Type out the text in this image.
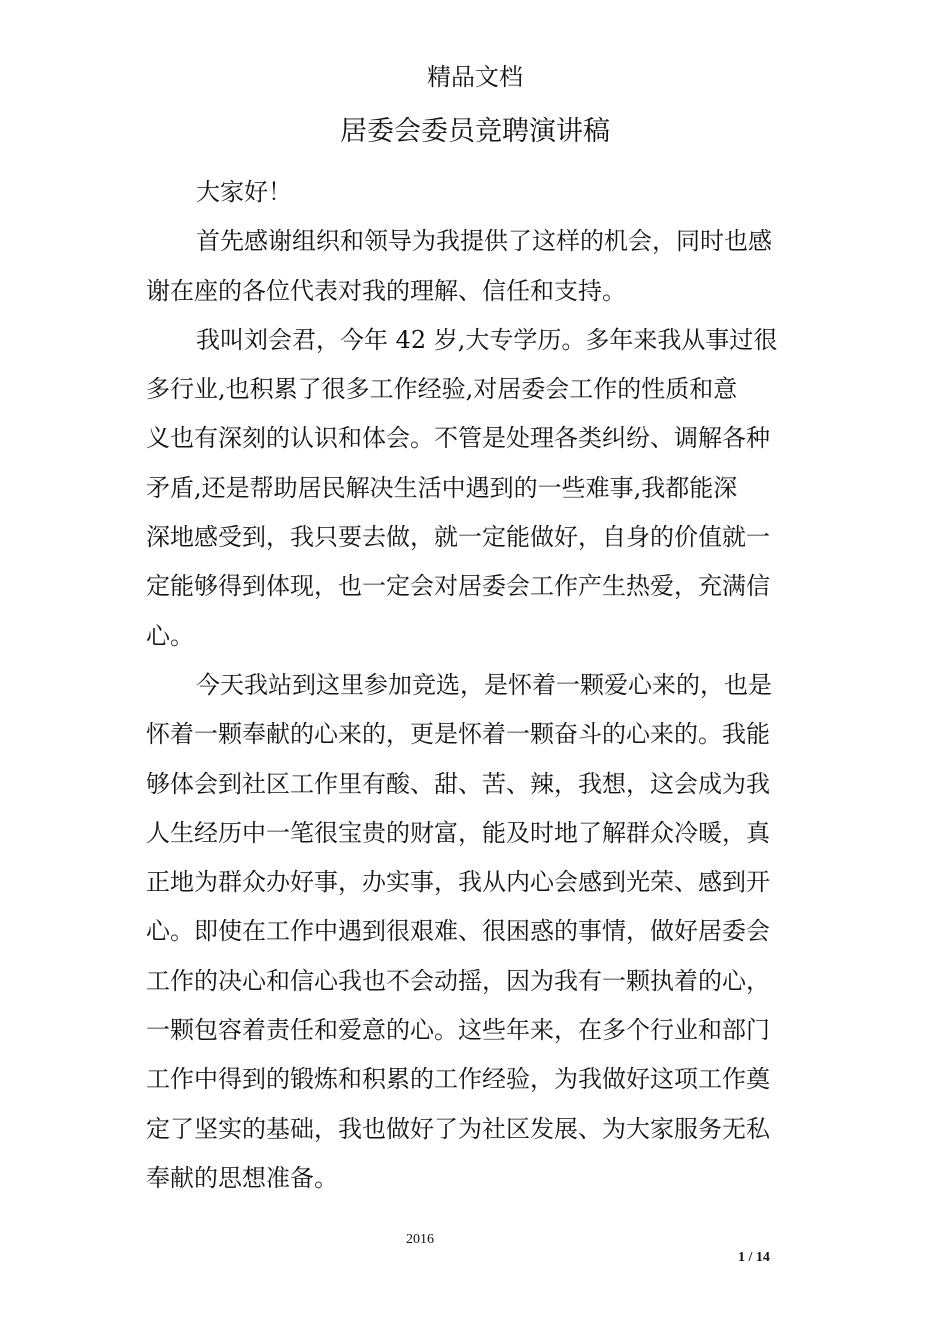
精品文档
居委会委员竞聘演讲稿
大家好！
首先感谢组织和领导为我提供了这样的机会，同时也感
谢在座的各位代表对我的理解、信任和支持。
我叫刘会君，今年 42 岁,大专学历。多年来我从事过很
多行业,也积累了很多工作经验,对居委会工作的性质和意
义也有深刻的认识和体会。不管是处理各类纠纷、调解各种
矛盾,还是帮助居民解决生活中遇到的一些难事,我都能深
深地感受到，我只要去做，就一定能做好，自身的价值就一
定能够得到体现，也一定会对居委会工作产生热爱，充满信
心。
今天我站到这里参加竞选，是怀着一颗爱心来的，也是
怀着一颗奉献的心来的，更是怀着一颗奋斗的心来的。我能
够体会到社区工作里有酸、甜、苦、辣，我想，这会成为我
人生经历中一笔很宝贵的财富，能及时地了解群众冷暖，真
正地为群众办好事，办实事，我从内心会感到光荣、感到开
心。即使在工作中遇到很艰难、很困惑的事情，做好居委会
工作的决心和信心我也不会动摇，因为我有一颗执着的心，
一颗包容着责任和爱意的心。这些年来，在多个行业和部门
工作中得到的锻炼和积累的工作经验，为我做好这项工作奠
定了坚实的基础，我也做好了为社区发展、为大家服务无私
奉献的思想准备。
2016
1 / 14
